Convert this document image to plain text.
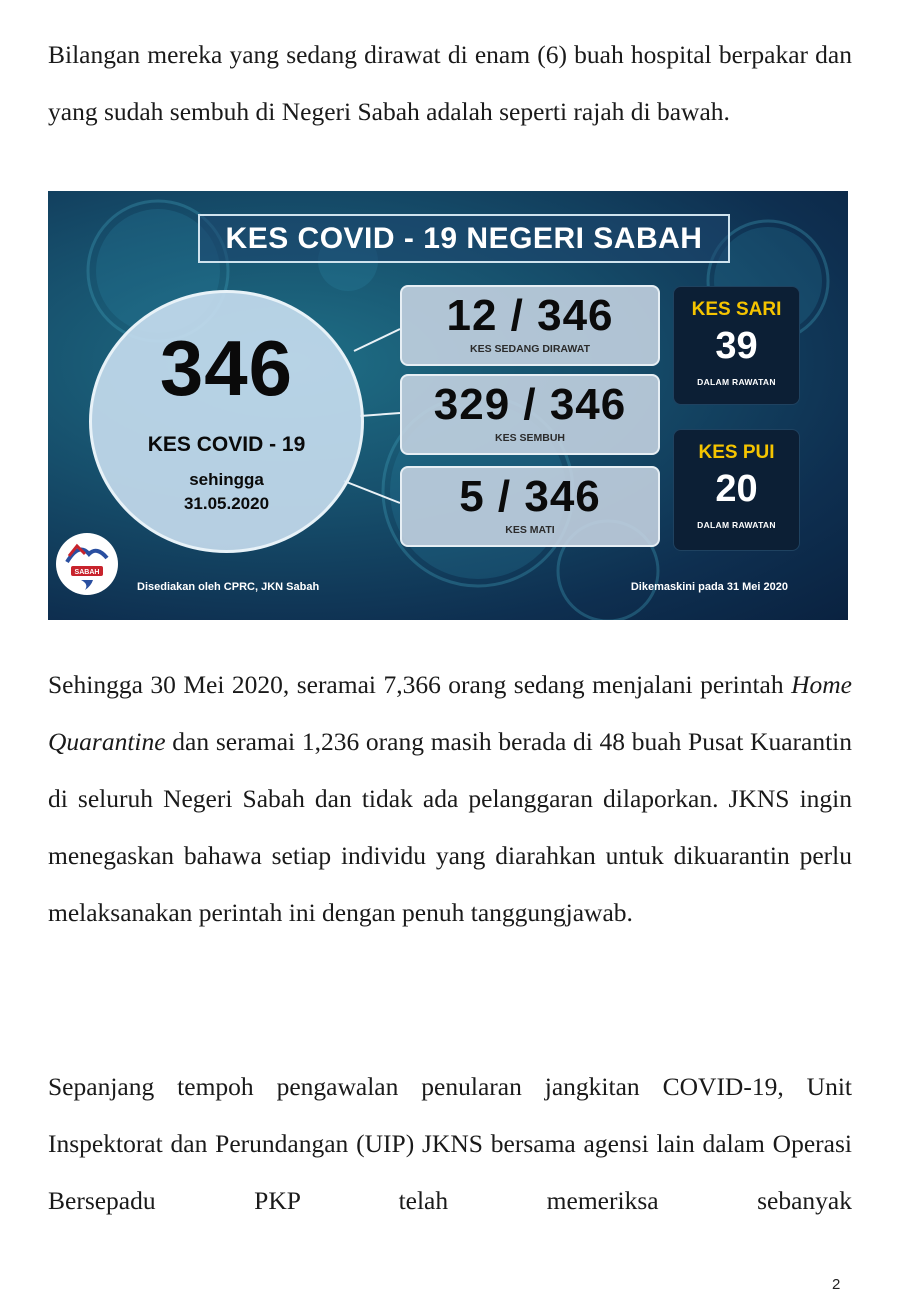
Bilangan mereka yang sedang dirawat di enam (6) buah hospital berpakar dan yang sudah sembuh di Negeri Sabah adalah seperti rajah di bawah.

KES COVID - 19 NEGERI SABAH
346
KES COVID - 19
sehingga
31.05.2020
12 / 346
KES SEDANG DIRAWAT
329 / 346
KES SEMBUH
5 / 346
KES MATI
KES SARI
39
DALAM RAWATAN
KES PUI
20
DALAM RAWATAN
SABAH
Disediakan oleh CPRC, JKN Sabah	Dikemaskini pada 31 Mei 2020

Sehingga 30 Mei 2020, seramai 7,366 orang sedang menjalani perintah Home Quarantine dan seramai 1,236 orang masih berada di 48 buah Pusat Kuarantin di seluruh Negeri Sabah dan tidak ada pelanggaran dilaporkan. JKNS ingin menegaskan bahawa setiap individu yang diarahkan untuk dikuarantin perlu melaksanakan perintah ini dengan penuh tanggungjawab.

Sepanjang tempoh pengawalan penularan jangkitan COVID-19, Unit Inspektorat dan Perundangan (UIP) JKNS bersama agensi lain dalam Operasi Bersepadu PKP telah memeriksa sebanyak

2
